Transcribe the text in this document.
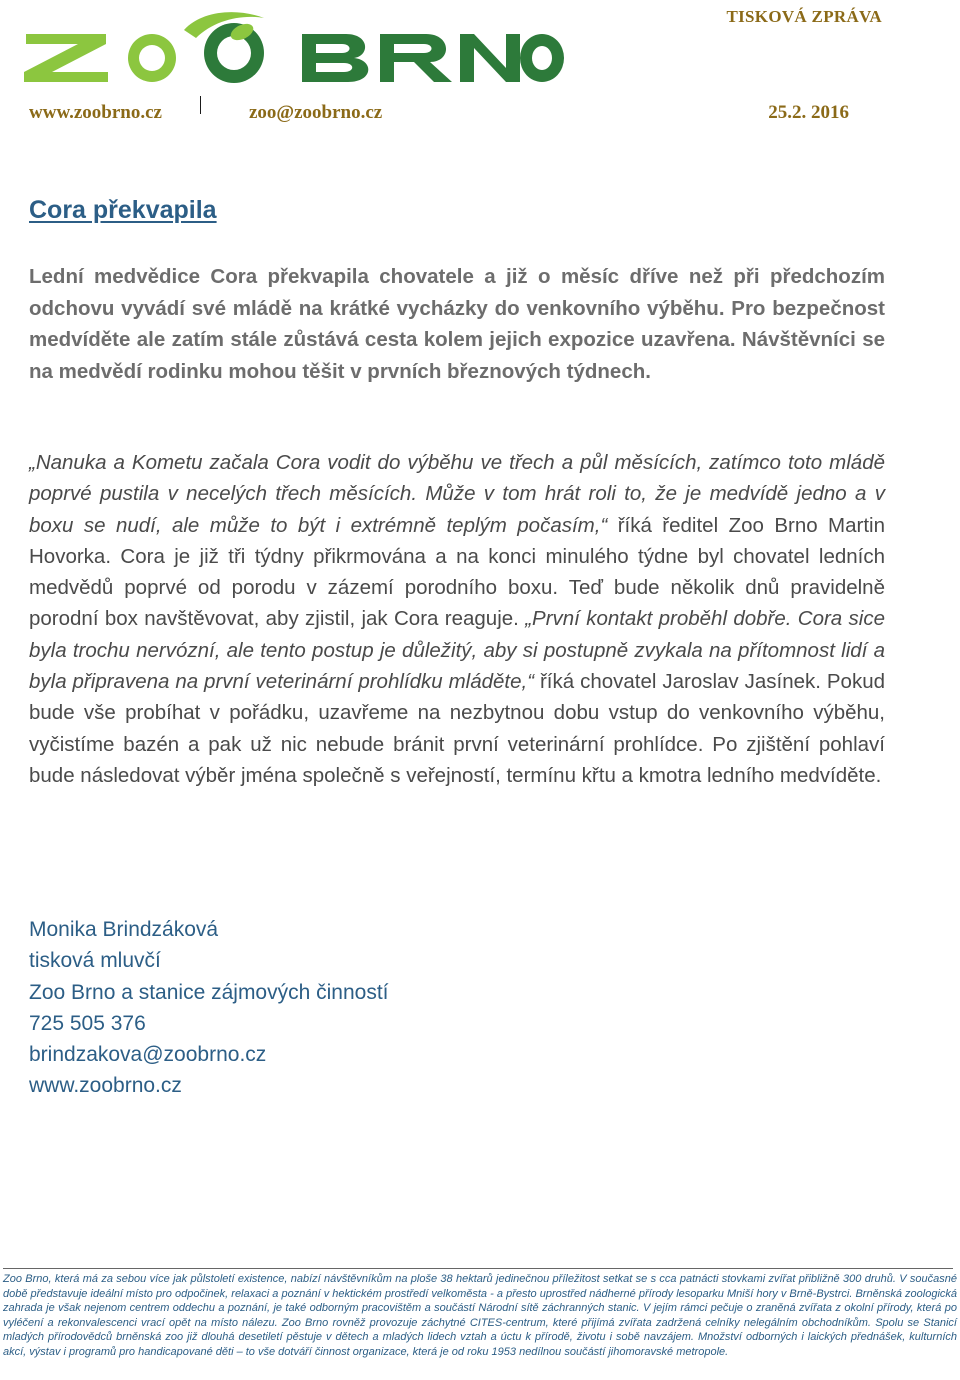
TISKOVÁ ZPRÁVA
www.zoobrno.cz	zoo@zoobrno.cz	25.2. 2016
Cora překvapila

Lední medvědice Cora překvapila chovatele a již o měsíc dříve než při předchozím odchovu vyvádí své mládě na krátké vycházky do venkovního výběhu. Pro bezpečnost medvíděte ale zatím stále zůstává cesta kolem jejich expozice uzavřena. Návštěvníci se na medvědí rodinku mohou těšit v prvních březnových týdnech.

„Nanuka a Kometu začala Cora vodit do výběhu ve třech a půl měsících, zatímco toto mládě poprvé pustila v necelých třech měsících. Může v tom hrát roli to, že je medvídě jedno a v boxu se nudí, ale může to být i extrémně teplým počasím,“ říká ředitel Zoo Brno Martin Hovorka. Cora je již tři týdny přikrmována a na konci minulého týdne byl chovatel ledních medvědů poprvé od porodu v zázemí porodního boxu. Teď bude několik dnů pravidelně porodní box navštěvovat, aby zjistil, jak Cora reaguje. „První kontakt proběhl dobře. Cora sice byla trochu nervózní, ale tento postup je důležitý, aby si postupně zvykala na přítomnost lidí a byla připravena na první veterinární prohlídku mláděte,“ říká chovatel Jaroslav Jasínek. Pokud bude vše probíhat v pořádku, uzavřeme na nezbytnou dobu vstup do venkovního výběhu, vyčistíme bazén a pak už nic nebude bránit první veterinární prohlídce. Po zjištění pohlaví bude následovat výběr jména společně s veřejností, termínu křtu a kmotra ledního medvíděte.

Monika Brindzáková
tisková mluvčí
Zoo Brno a stanice zájmových činností
725 505 376
brindzakova@zoobrno.cz
www.zoobrno.cz

Zoo Brno, která má za sebou více jak půlstoletí existence, nabízí návštěvníkům na ploše 38 hektarů jedinečnou příležitost setkat se s cca patnácti stovkami zvířat přibližně 300 druhů. V současné době představuje ideální místo pro odpočinek, relaxaci a poznání v hektickém prostředí velkoměsta - a přesto uprostřed nádherné přírody lesoparku Mniší hory v Brně-Bystrci. Brněnská zoologická zahrada je však nejenom centrem oddechu a poznání, je také odborným pracovištěm a součástí Národní sítě záchranných stanic. V jejím rámci pečuje o zraněná zvířata z okolní přírody, která po vyléčení a rekonvalescenci vrací opět na místo nálezu. Zoo Brno rovněž provozuje záchytné CITES-centrum, které přijímá zvířata zadržená celníky nelegálním obchodníkům. Spolu se Stanicí mladých přírodovědců brněnská zoo již dlouhá desetiletí pěstuje v dětech a mladých lidech vztah a úctu k přírodě, životu i sobě navzájem. Množství odborných i laických přednášek, kulturních akcí, výstav i programů pro handicapované děti – to vše dotváří činnost organizace, která je od roku 1953 nedílnou součástí jihomoravské metropole.
